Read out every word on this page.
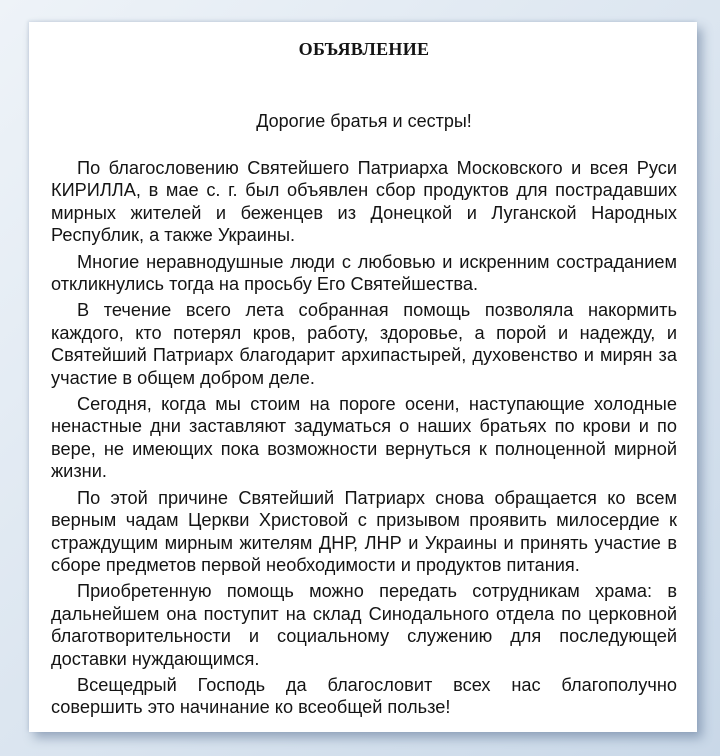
ОБЪЯВЛЕНИЕ
Дорогие братья и сестры!

По благословению Святейшего Патриарха Московского и всея Руси КИРИЛЛА, в мае с. г. был объявлен сбор продуктов для пострадавших мирных жителей и беженцев из Донецкой и Луганской Народных Республик, а также Украины.

Многие неравнодушные люди с любовью и искренним состраданием откликнулись тогда на просьбу Его Святейшества.

В течение всего лета собранная помощь позволяла накормить каждого, кто потерял кров, работу, здоровье, а порой и надежду, и Святейший Патриарх благодарит архипастырей, духовенство и мирян за участие в общем добром деле.

Сегодня, когда мы стоим на пороге осени, наступающие холодные ненастные дни заставляют задуматься о наших братьях по крови и по вере, не имеющих пока возможности вернуться к полноценной мирной жизни.

По этой причине Святейший Патриарх снова обращается ко всем верным чадам Церкви Христовой с призывом проявить милосердие к страждущим мирным жителям ДНР, ЛНР и Украины и принять участие в сборе предметов первой необходимости и продуктов питания.

Приобретенную помощь можно передать сотрудникам храма: в дальнейшем она поступит на склад Синодального отдела по церковной благотворительности и социальному служению для последующей доставки нуждающимся.

Всещедрый Господь да благословит всех нас благополучно совершить это начинание ко всеобщей пользе!
